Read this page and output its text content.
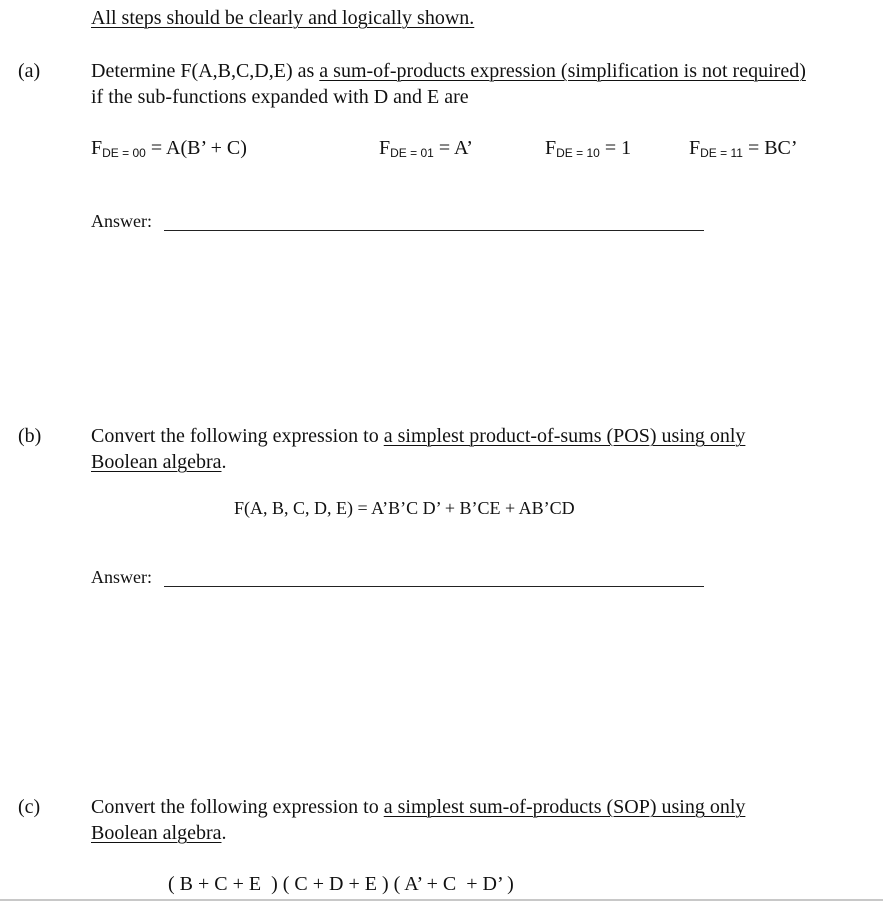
All steps should be clearly and logically shown.
(a)	Determine F(A,B,C,D,E) as a sum-of-products expression (simplification is not required)
if the sub-functions expanded with D and E are
$F_{DE = 00} = A(B$’ + C)	$F_{DE = 01} = A$’	$F_{DE = 10} = 1$	$F_{DE = 11}$ = BC’
Answer:
(b) Convert the following expression to a simplest product-of-sums (POS) using only
Boolean algebra.
F(A, B, C, D, E) = A’B’C D’ + B’CE + AB’CD
Answer:
(c)	Convert the following expression to a simplest sum-of-products (SOP) using only
Boolean algebra.
( B + C + E  ) ( C + D + E ) ( A’ + C  + D’ )
